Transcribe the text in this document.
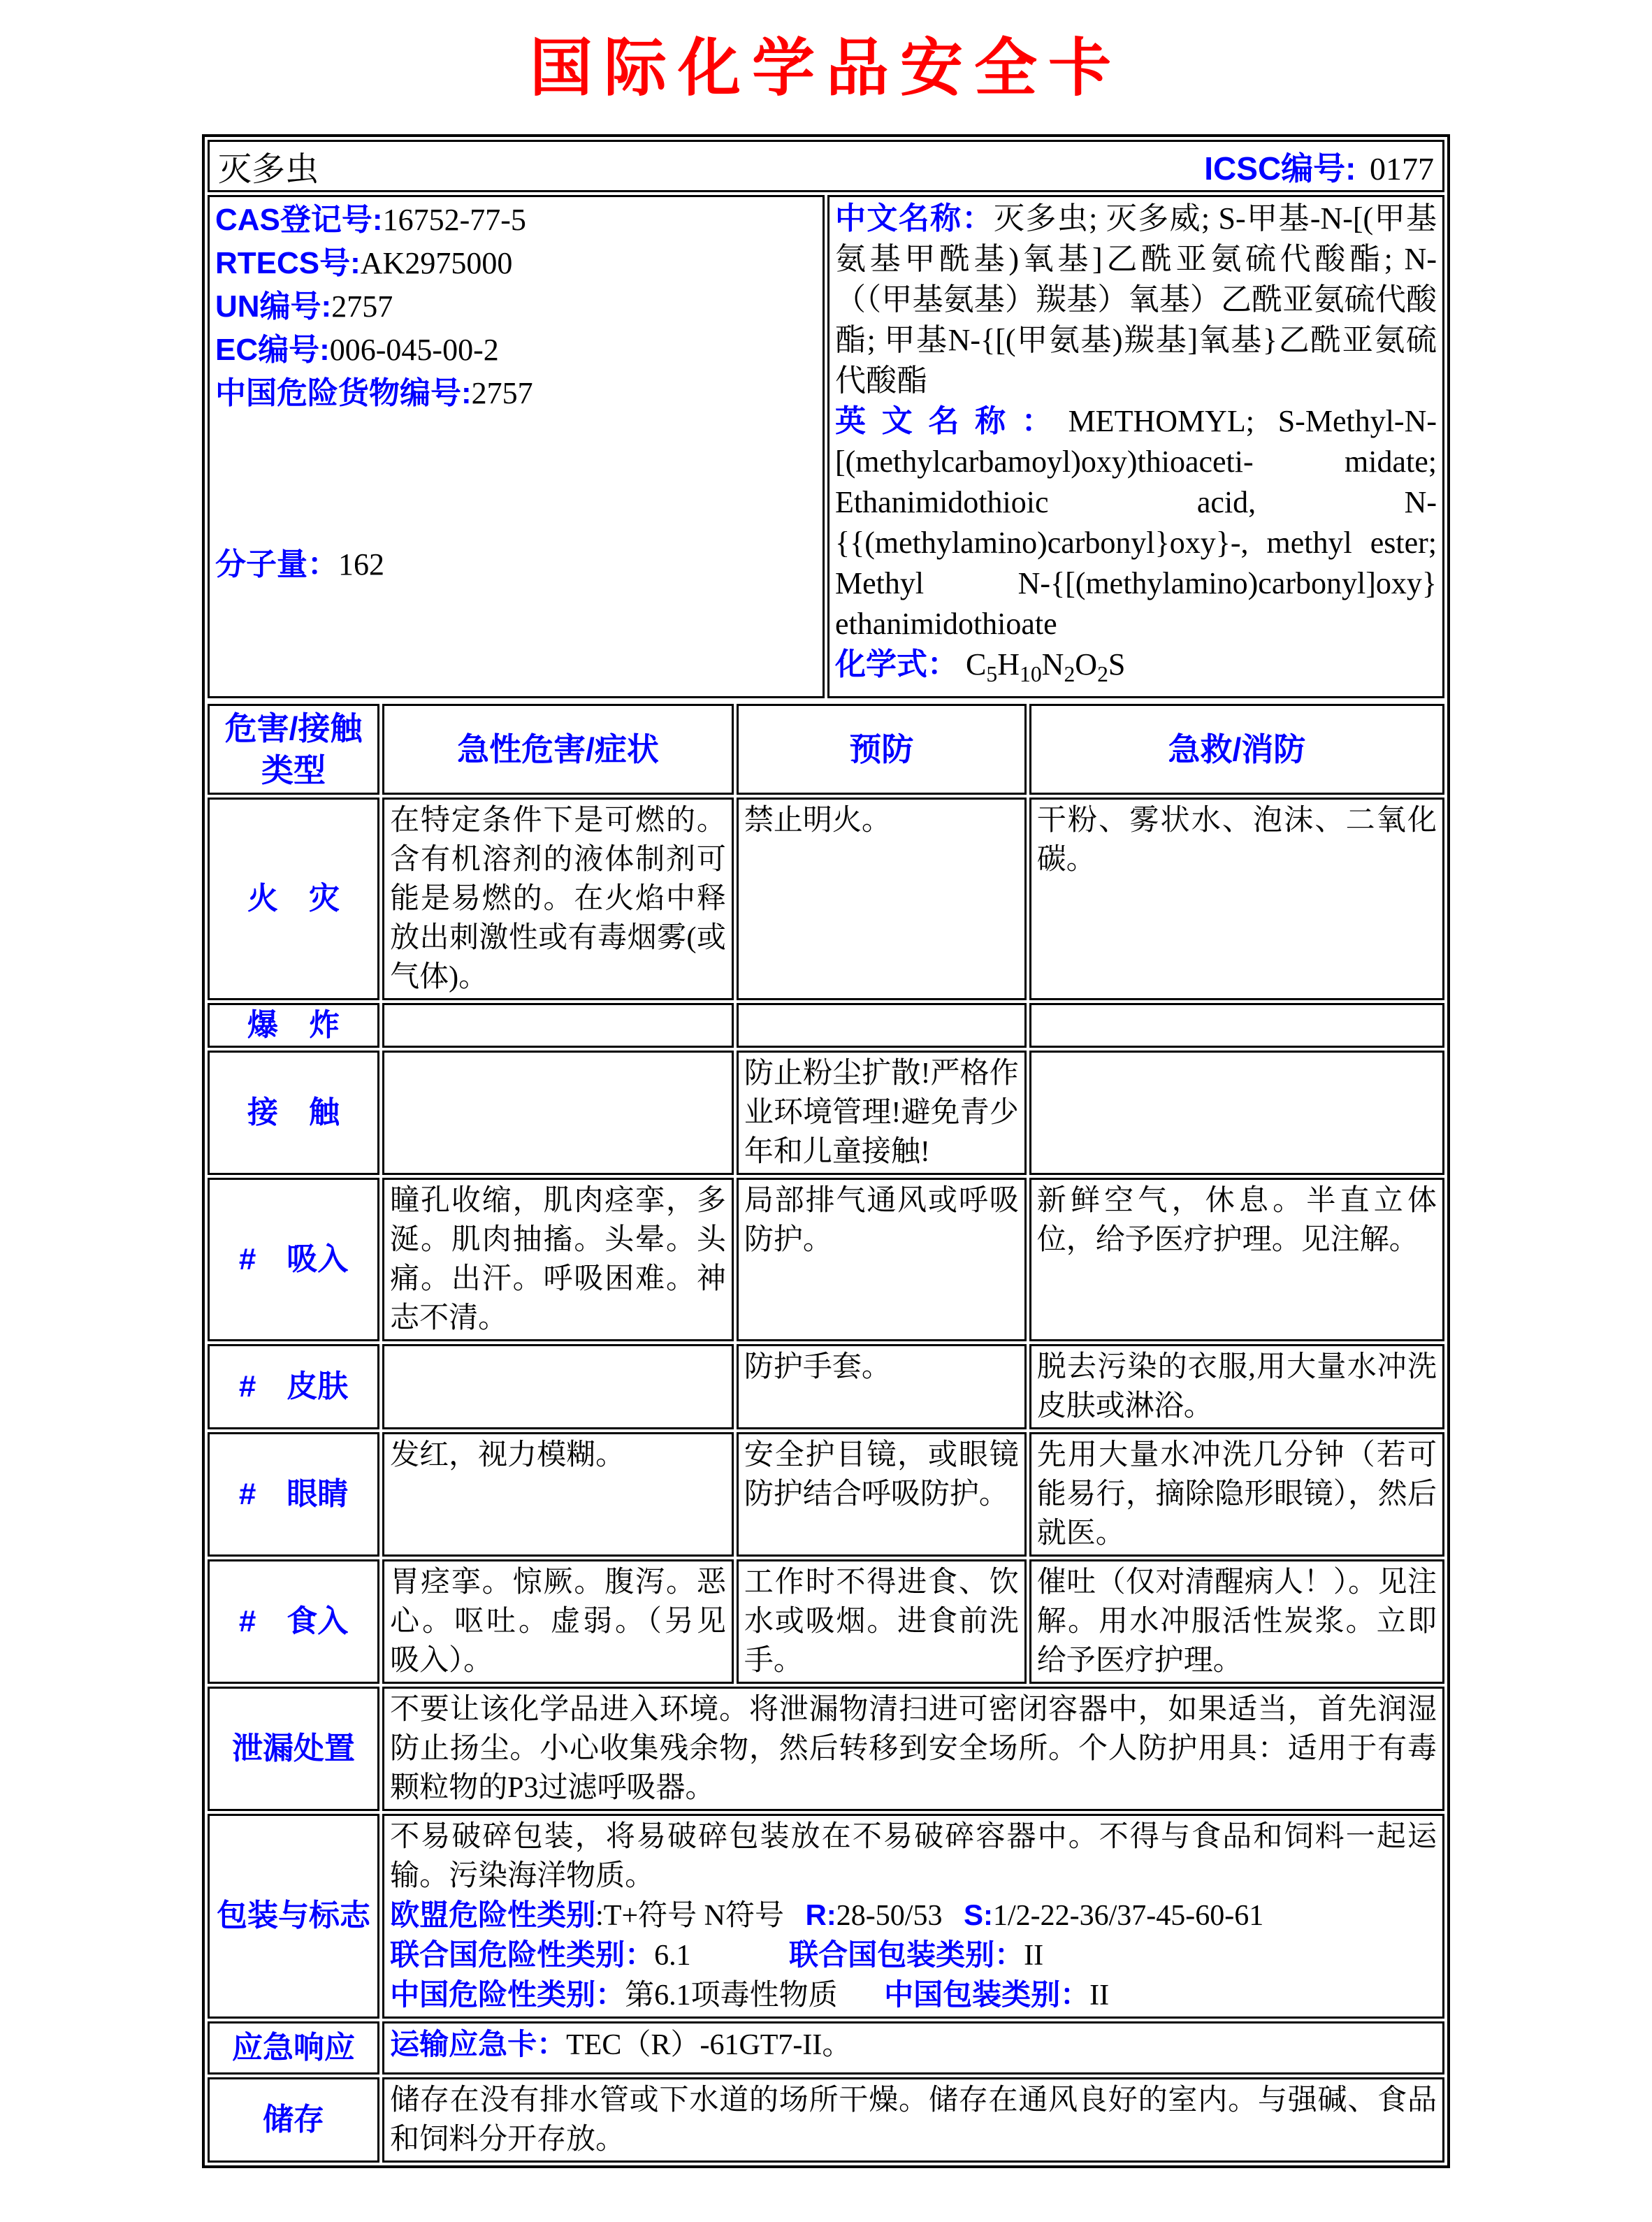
国际化学品安全卡
灭多虫	ICSC编号: 0177

CAS登记号:16752-77-5
RTECS号:AK2975000
UN编号:2757
EC编号:006-045-00-2
中国危险货物编号:2757
分子量：162

中文名称：灭多虫; 灭多威; S-甲基-N-[(甲基氨基甲酰基)氧基]乙酰亚氨硫代酸酯; N-（（甲基氨基）羰基）氧基）乙酰亚氨硫代酸酯; 甲基N-{[(甲氨基)羰基]氧基}乙酰亚氨硫代酸酯

英文名称：METHOMYL; S-Methyl-N-[(methylcarbamoyl)oxy)thioaceti- midate; Ethanimidothioic acid, N-{{(methylamino)carbonyl}oxy}-, methyl ester; Methyl N-{[(methylamino)carbonyl]oxy} ethanimidothioate

化学式： $C_5H_{10}N_2O_2S$
危害/接触类型	急性危害/症状	预防	急救/消防
火　灾	在特定条件下是可燃的。含有机溶剂的液体制剂可能是易燃的。在火焰中释放出刺激性或有毒烟雾(或气体)。	禁止明火。	干粉、雾状水、泡沫、二氧化碳。
爆　炸			
接　触		防止粉尘扩散!严格作业环境管理!避免青少年和儿童接触!	
#　吸入	瞳孔收缩，肌肉痉挛，多涎。肌肉抽搐。头晕。头痛。出汗。呼吸困难。神志不清。	局部排气通风或呼吸防护。	新鲜空气，休息。半直立体位，给予医疗护理。见注解。
#　皮肤		防护手套。	脱去污染的衣服,用大量水冲洗皮肤或淋浴。
#　眼睛	发红，视力模糊。	安全护目镜，或眼镜防护结合呼吸防护。	先用大量水冲洗几分钟（若可能易行，摘除隐形眼镜），然后就医。
#　食入	胃痉挛。惊厥。腹泻。恶心。呕吐。虚弱。（另见吸入）。	工作时不得进食、饮水或吸烟。进食前洗手。	催吐（仅对清醒病人！）。见注解。用水冲服活性炭浆。立即给予医疗护理。
泄漏处置	不要让该化学品进入环境。将泄漏物清扫进可密闭容器中，如果适当，首先润湿防止扬尘。小心收集残余物，然后转移到安全场所。个人防护用具：适用于有毒颗粒物的P3过滤呼吸器。		
包装与标志	不易破碎包装，将易破碎包装放在不易破碎容器中。不得与食品和饲料一起运输。污染海洋物质。
欧盟危险性类别:T+符号 N符号 R:28-50/53 S:1/2-22-36/37-45-60-61
联合国危险性类别：6.1 联合国包装类别：II
中国危险性类别：第6.1项毒性物质 中国包装类别：II		

应急响应	运输应急卡：TEC（R）-61GT7-II。		
储存	储存在没有排水管或下水道的场所干燥。储存在通风良好的室内。与强碱、食品和饲料分开存放。		
